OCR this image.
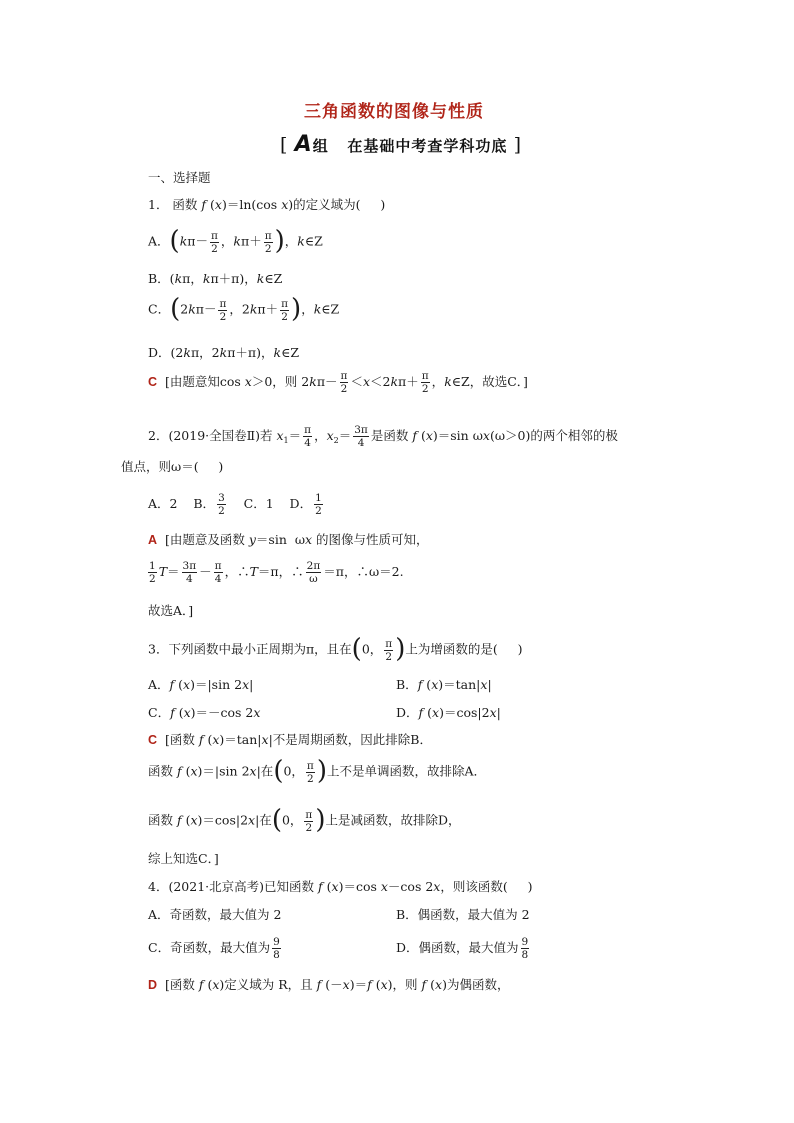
三角函数的图像与性质
[ A组 在基础中考查学科功底 ]
一、选择题
1． 函数 f (x)＝ln(cos x)的定义域为(     )
A．($k\pi- \frac{\pi}{2}$ ，$k\pi+ \frac{\pi}{2}$ )，k∈Z
B．(kπ，kπ＋π)，k∈Z
C．($2k\pi- \frac{\pi}{2}$ ，$2k\pi+ \frac{\pi}{2}$ )，k∈Z
D．(2kπ，2kπ＋π)，k∈Z
C  [由题意知cos x＞0，则 $2k\pi- \frac{\pi}{2} <x<2k\pi+ \frac{\pi}{2}$ ，k∈Z，故选C．]
2．(2019·全国卷Ⅱ)若 $x_1= \frac{\pi}{4}$ ，$x_2= \frac{3\pi}{4}$ 是函数 f (x)＝sin ωx(ω＞0)的两个相邻的极
值点，则ω＝(     )
A．2    B． $\frac{3}{2}$ C．1    D． $\frac{1}{2}$
A  [由题意及函数 y＝sin  ωx 的图像与性质可知，
$\frac{1}{2} T= \frac{3\pi}{4} - \frac{\pi}{4}$ ，∴T＝π，∴ $\frac{2\pi}{\omega} =\pi$，∴ω＝2.
故选A．]
3．下列函数中最小正周期为π，且在(0， $\frac{\pi}{2}$ )上为增函数的是(     )
A．f (x)＝|sin 2x|	B．f (x)＝tan|x|
C．f (x)＝－cos 2x	D．f (x)＝cos|2x|
C  [函数 f (x)＝tan|x|不是周期函数，因此排除B．
函数 f (x)＝|sin 2x|在(0， $\frac{\pi}{2}$ )上不是单调函数，故排除A．
函数 f (x)＝cos|2x|在(0， $\frac{\pi}{2}$ )上是减函数，故排除D，
综上知选C．]
4．(2021·北京高考)已知函数 f (x)＝cos x－cos 2x，则该函数(     )
A．奇函数，最大值为 2	B．偶函数，最大值为 2
C．奇函数，最大值为 $\frac{9}{8}$	D．偶函数，最大值为 $\frac{9}{8}$
D  [函数 f (x)定义域为 R，且 f (－x)＝f (x)，则 f (x)为偶函数，
